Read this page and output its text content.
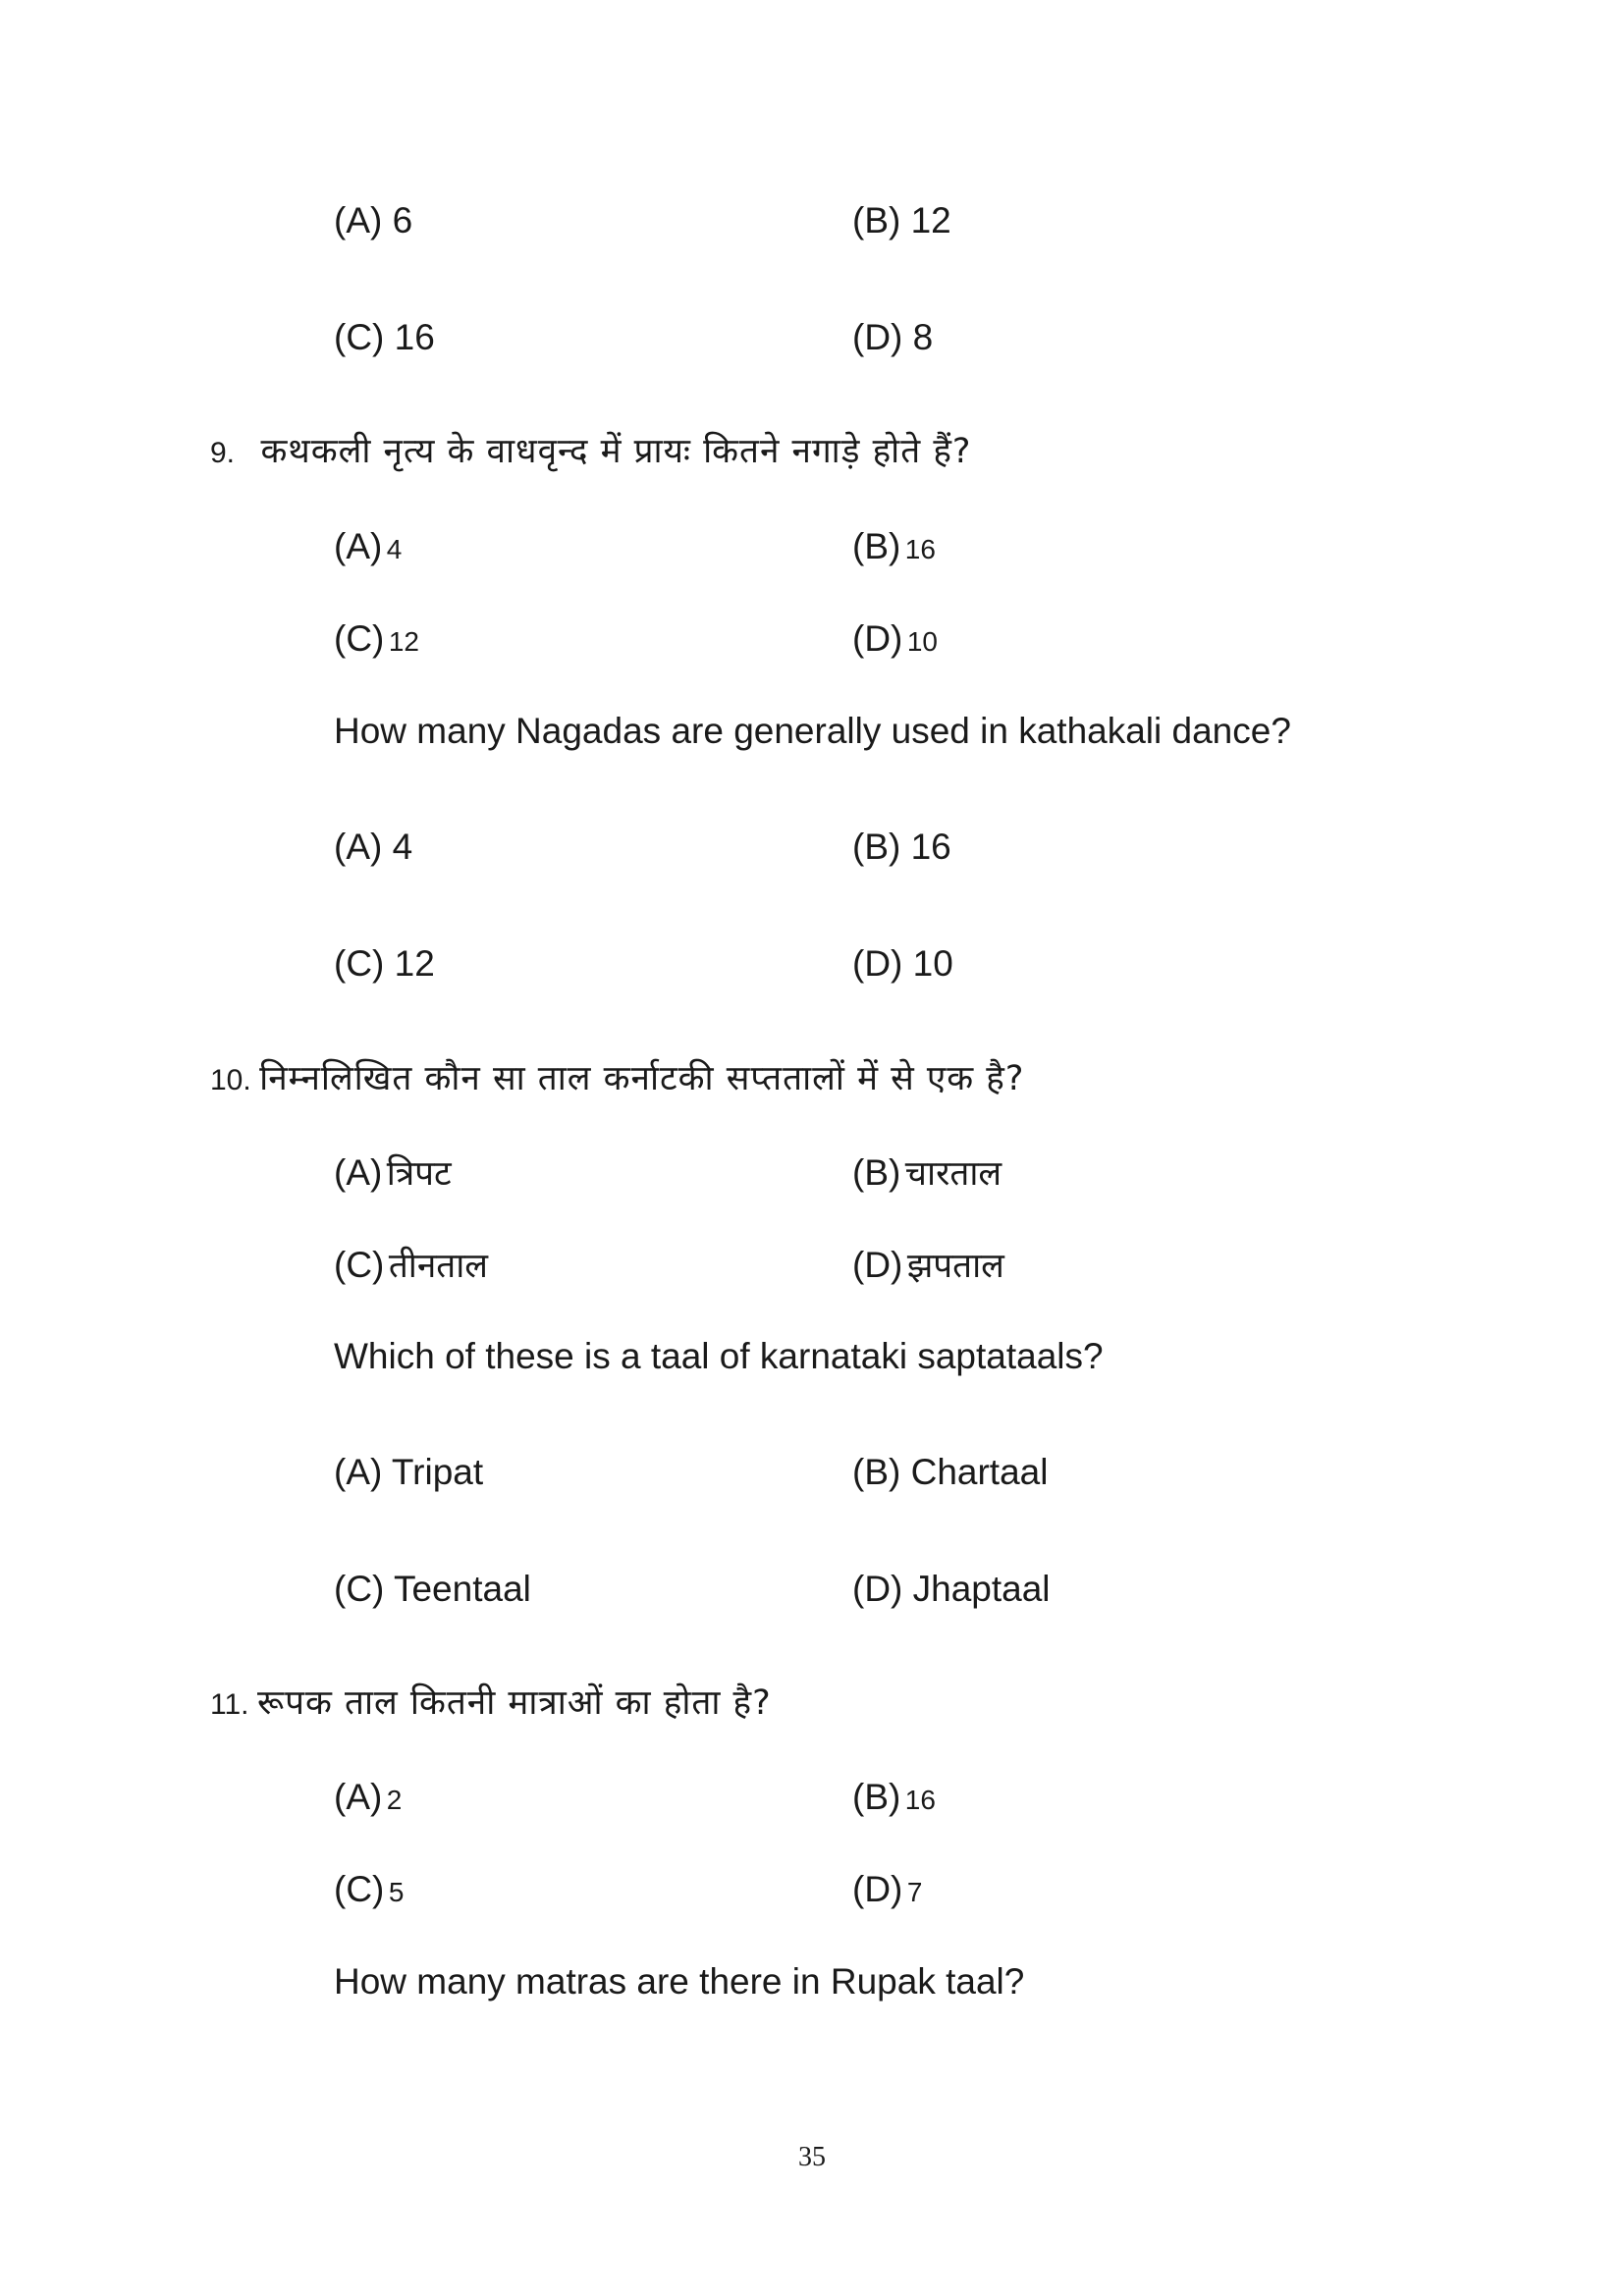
(A) 6	(B) 12
(C) 16	(D) 8
9. कथकली नृत्य के वाधवृन्द में प्रायः कितने नगाड़े होते हैं?
(A) 4	(B) 16
(C) 12	(D) 10
How many Nagadas are generally used in kathakali dance?
(A) 4	(B) 16
(C) 12	(D) 10
10. निम्नलिखित कौन सा ताल कर्नाटकी सप्ततालों में से एक है?
(A) त्रिपट	(B) चारताल
(C) तीनताल	(D) झपताल
Which of these is a taal of karnataki saptataals?
(A) Tripat	(B) Chartaal
(C) Teentaal	(D) Jhaptaal
11. रूपक ताल कितनी मात्राओं का होता है?
(A) 2	(B) 16
(C) 5	(D) 7
How many matras are there in Rupak taal?
35
